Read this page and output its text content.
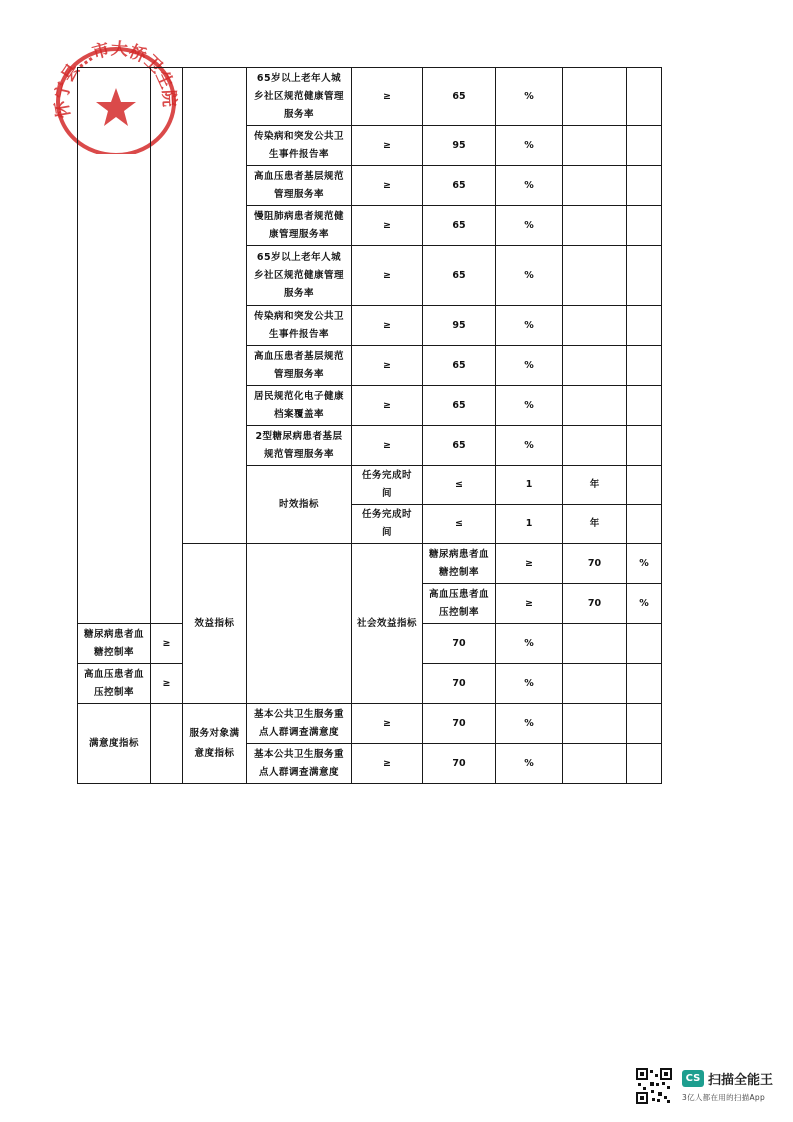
怀宁县…市大桥卫生院
			65岁以上老年人城乡社区规范健康管理服务率	≥	65	%			
			传染病和突发公共卫生事件报告率	≥	95	%			
			高血压患者基层规范管理服务率	≥	65	%			
			慢阻肺病患者规范健康管理服务率	≥	65	%			
			65岁以上老年人城乡社区规范健康管理服务率	≥	65	%			
			传染病和突发公共卫生事件报告率	≥	95	%			
			高血压患者基层规范管理服务率	≥	65	%			
			居民规范化电子健康档案覆盖率	≥	65	%			
			2型糖尿病患者基层规范管理服务率	≥	65	%			
			时效指标	任务完成时间	≤	1	年		
				任务完成时间	≤	1	年		
		效益指标		社会效益指标	糖尿病患者血糖控制率	≥	70	%		
					高血压患者血压控制率	≥	70	%		
糖尿病患者血糖控制率	≥				70	%			
高血压患者血压控制率	≥				70	%			
满意度指标		服务对象满意度指标	基本公共卫生服务重点人群调查满意度	≥	70	%			
			基本公共卫生服务重点人群调查满意度	≥	70	%			
CS 扫描全能王
3亿人都在用的扫描App
